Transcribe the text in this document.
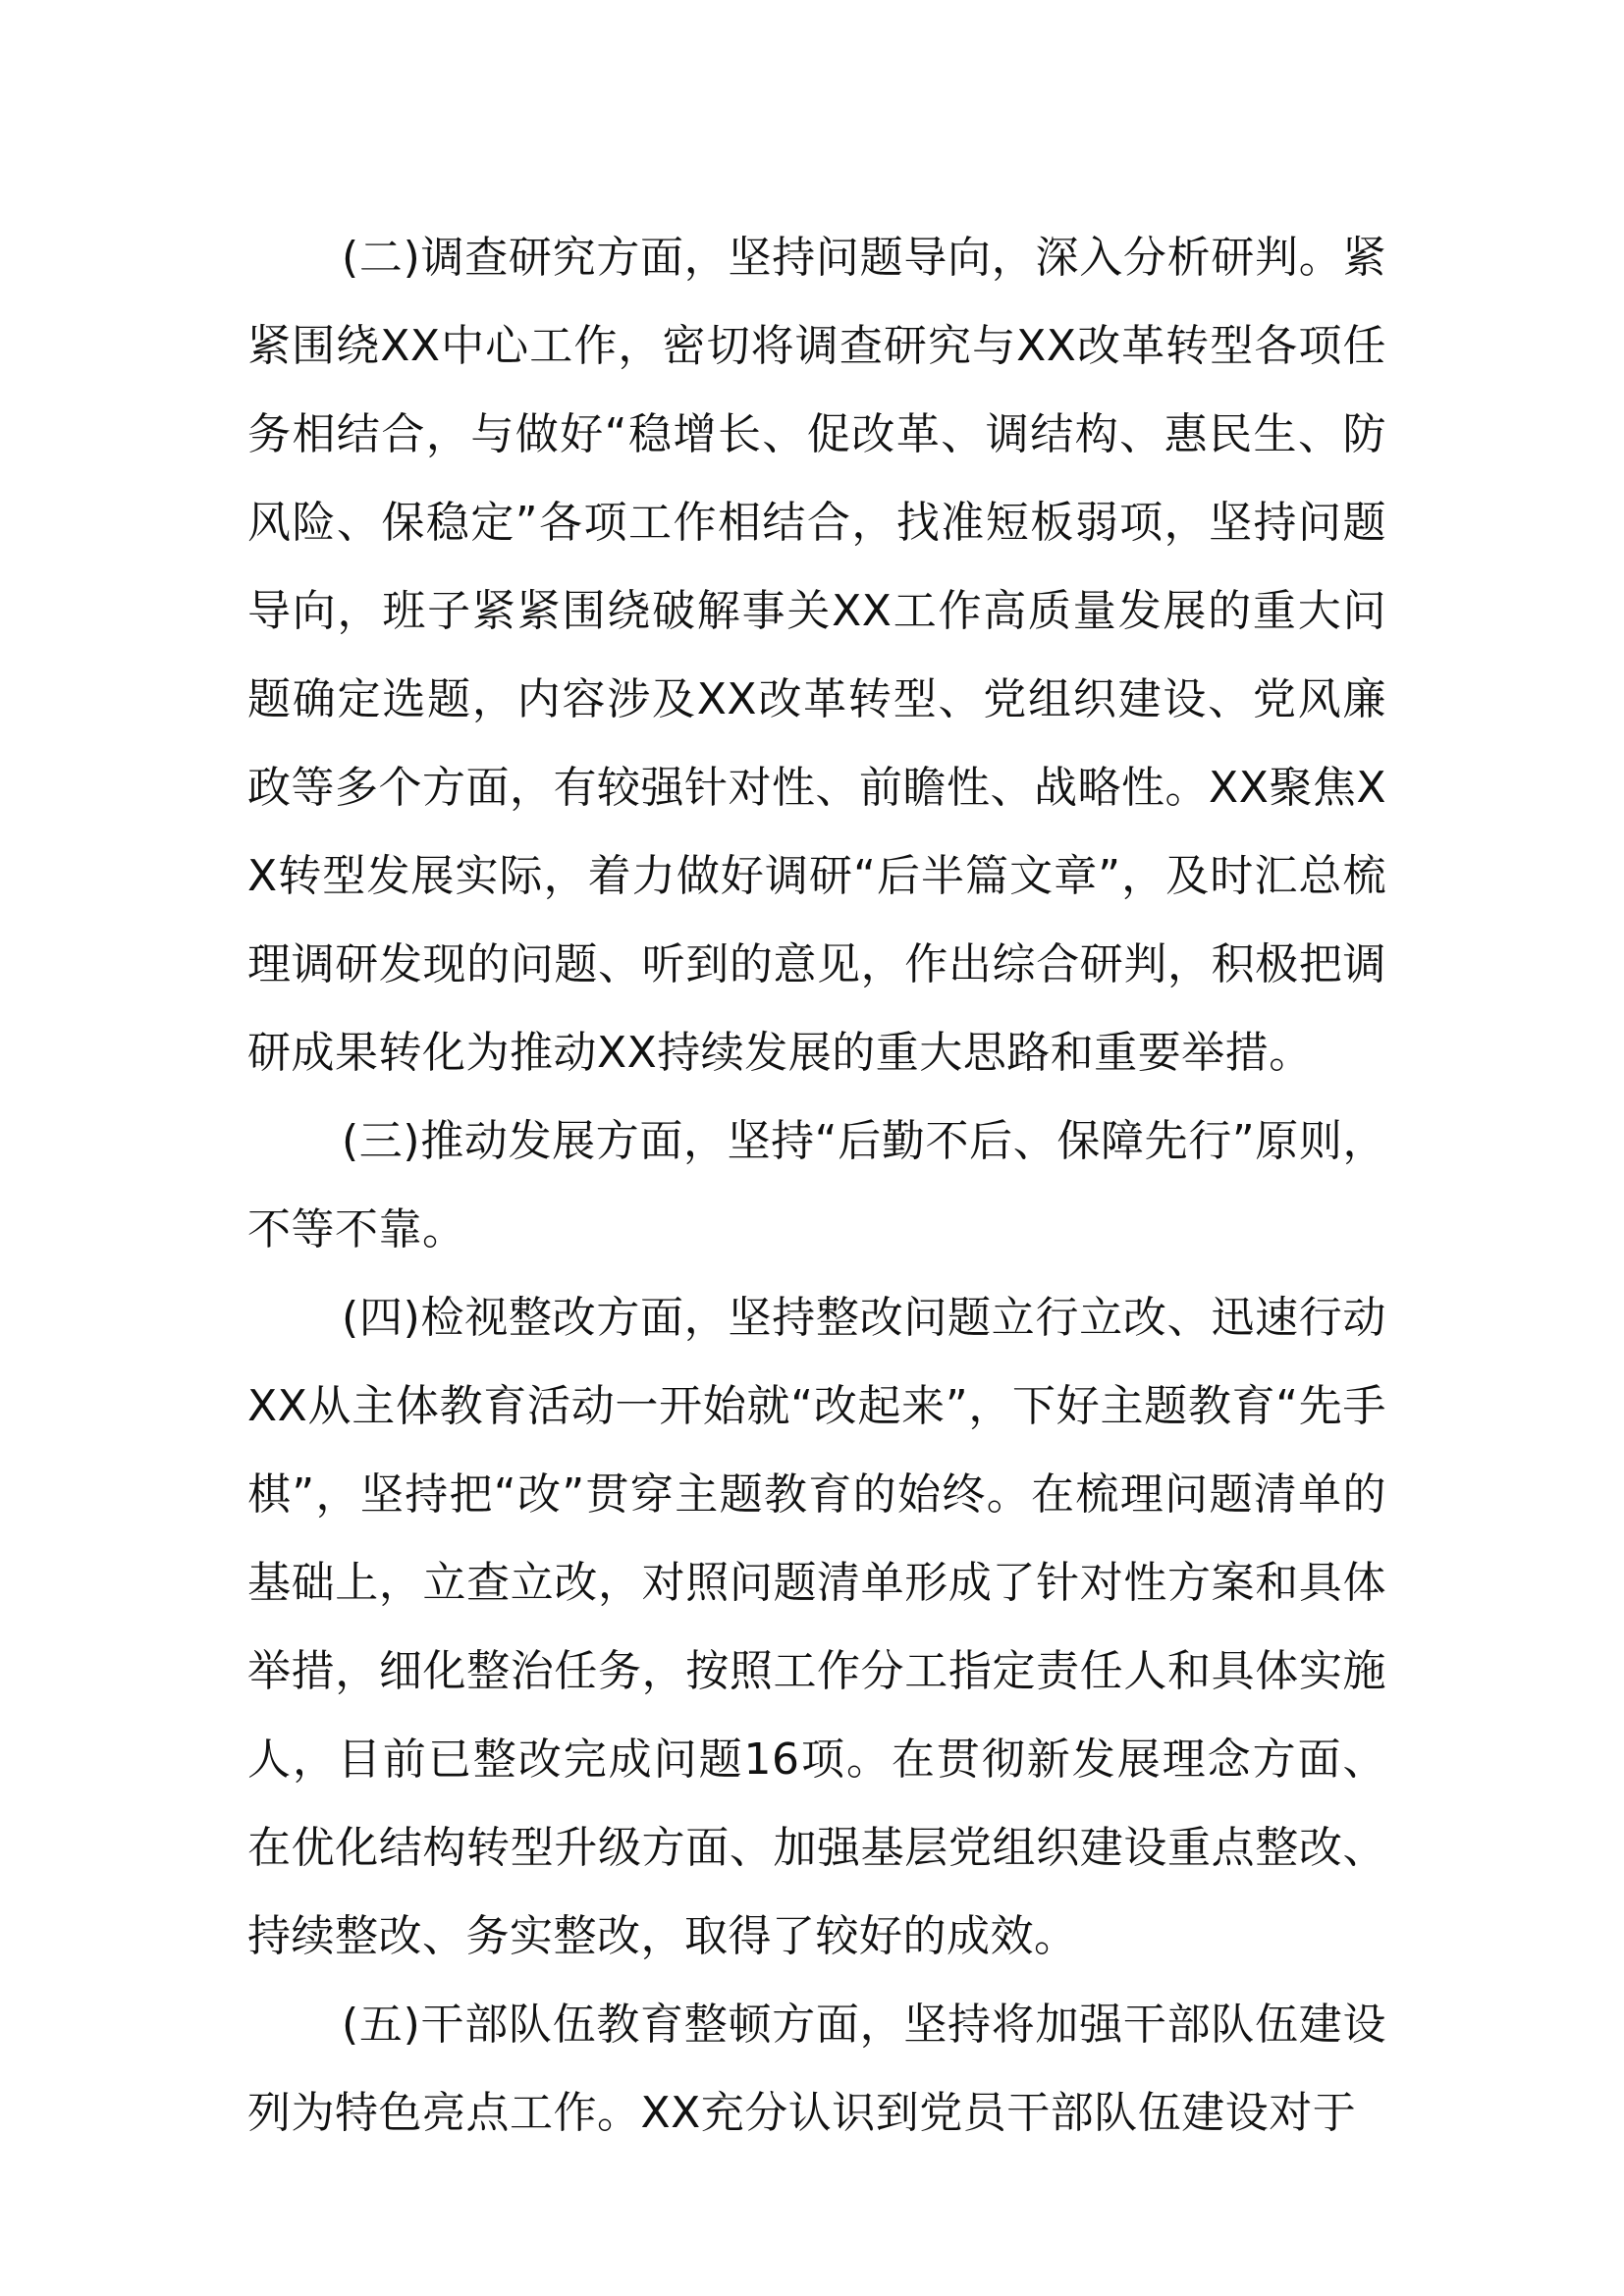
(二)调查研究方面，坚持问题导向，深入分析研判。紧紧围绕XX中心工作，密切将调查研究与XX改革转型各项任务相结合，与做好“稳增长、促改革、调结构、惠民生、防风险、保稳定”各项工作相结合，找准短板弱项，坚持问题导向，班子紧紧围绕破解事关XX工作高质量发展的重大问题确定选题，内容涉及XX改革转型、党组织建设、党风廉政等多个方面，有较强针对性、前瞻性、战略性。XX聚焦XX转型发展实际，着力做好调研“后半篇文章”，及时汇总梳理调研发现的问题、听到的意见，作出综合研判，积极把调研成果转化为推动XX持续发展的重大思路和重要举措。

(三)推动发展方面，坚持“后勤不后、保障先行”原则，不等不靠。

(四)检视整改方面，坚持整改问题立行立改、迅速行动XX从主体教育活动一开始就“改起来”，下好主题教育“先手棋”，坚持把“改”贯穿主题教育的始终。在梳理问题清单的基础上，立查立改，对照问题清单形成了针对性方案和具体举措，细化整治任务，按照工作分工指定责任人和具体实施人，目前已整改完成问题16项。在贯彻新发展理念方面、在优化结构转型升级方面、加强基层党组织建设重点整改、持续整改、务实整改，取得了较好的成效。

(五)干部队伍教育整顿方面，坚持将加强干部队伍建设列为特色亮点工作。XX充分认识到党员干部队伍建设对于
